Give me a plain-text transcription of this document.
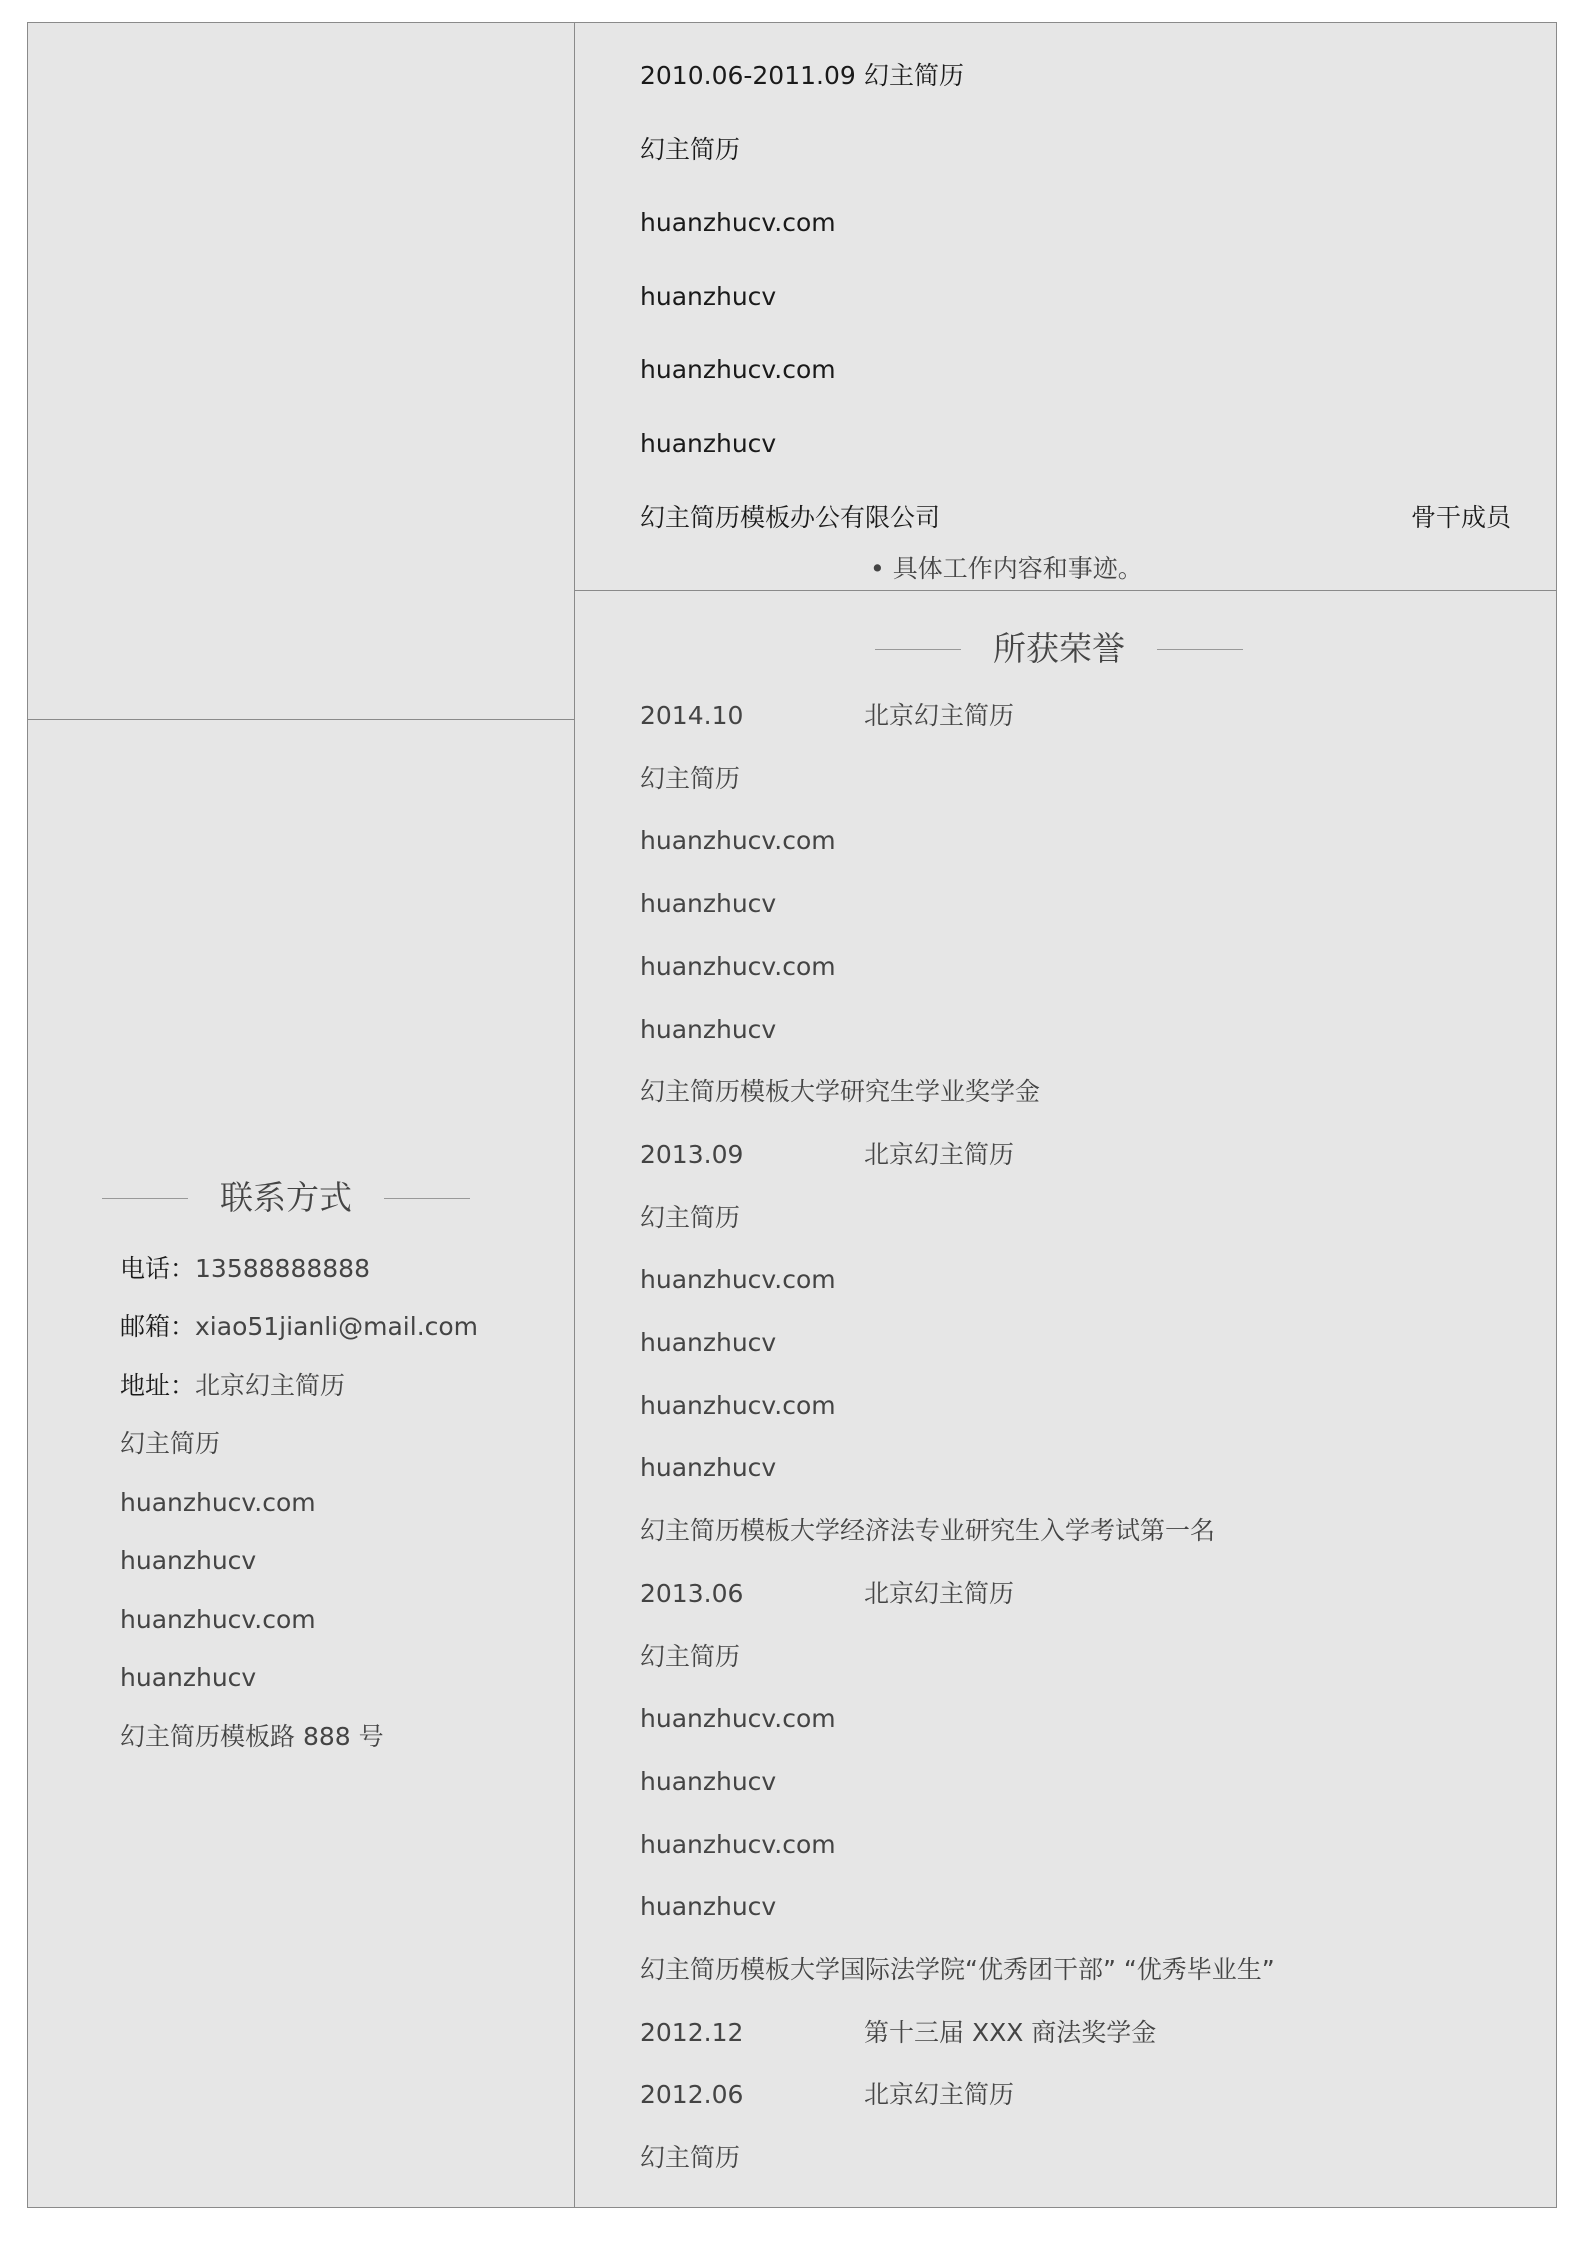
2010.06-2011.09 幻主简历
幻主简历
huanzhucv.com
huanzhucv
huanzhucv.com
huanzhucv
幻主简历模板办公有限公司	骨干成员
• 具体工作内容和事迹。
所获荣誉
2014.10	北京幻主简历
幻主简历
huanzhucv.com
huanzhucv
huanzhucv.com
huanzhucv
幻主简历模板大学研究生学业奖学金
2013.09	北京幻主简历
幻主简历
huanzhucv.com
huanzhucv
huanzhucv.com
huanzhucv
幻主简历模板大学经济法专业研究生入学考试第一名
2013.06	北京幻主简历
幻主简历
huanzhucv.com
huanzhucv
huanzhucv.com
huanzhucv
幻主简历模板大学国际法学院“优秀团干部” “优秀毕业生”
2012.12	第十三届 XXX 商法奖学金
2012.06	北京幻主简历
幻主简历
联系方式
电话：13588888888
邮箱：xiao51jianli@mail.com
地址：北京幻主简历
幻主简历
huanzhucv.com
huanzhucv
huanzhucv.com
huanzhucv
幻主简历模板路 888 号
